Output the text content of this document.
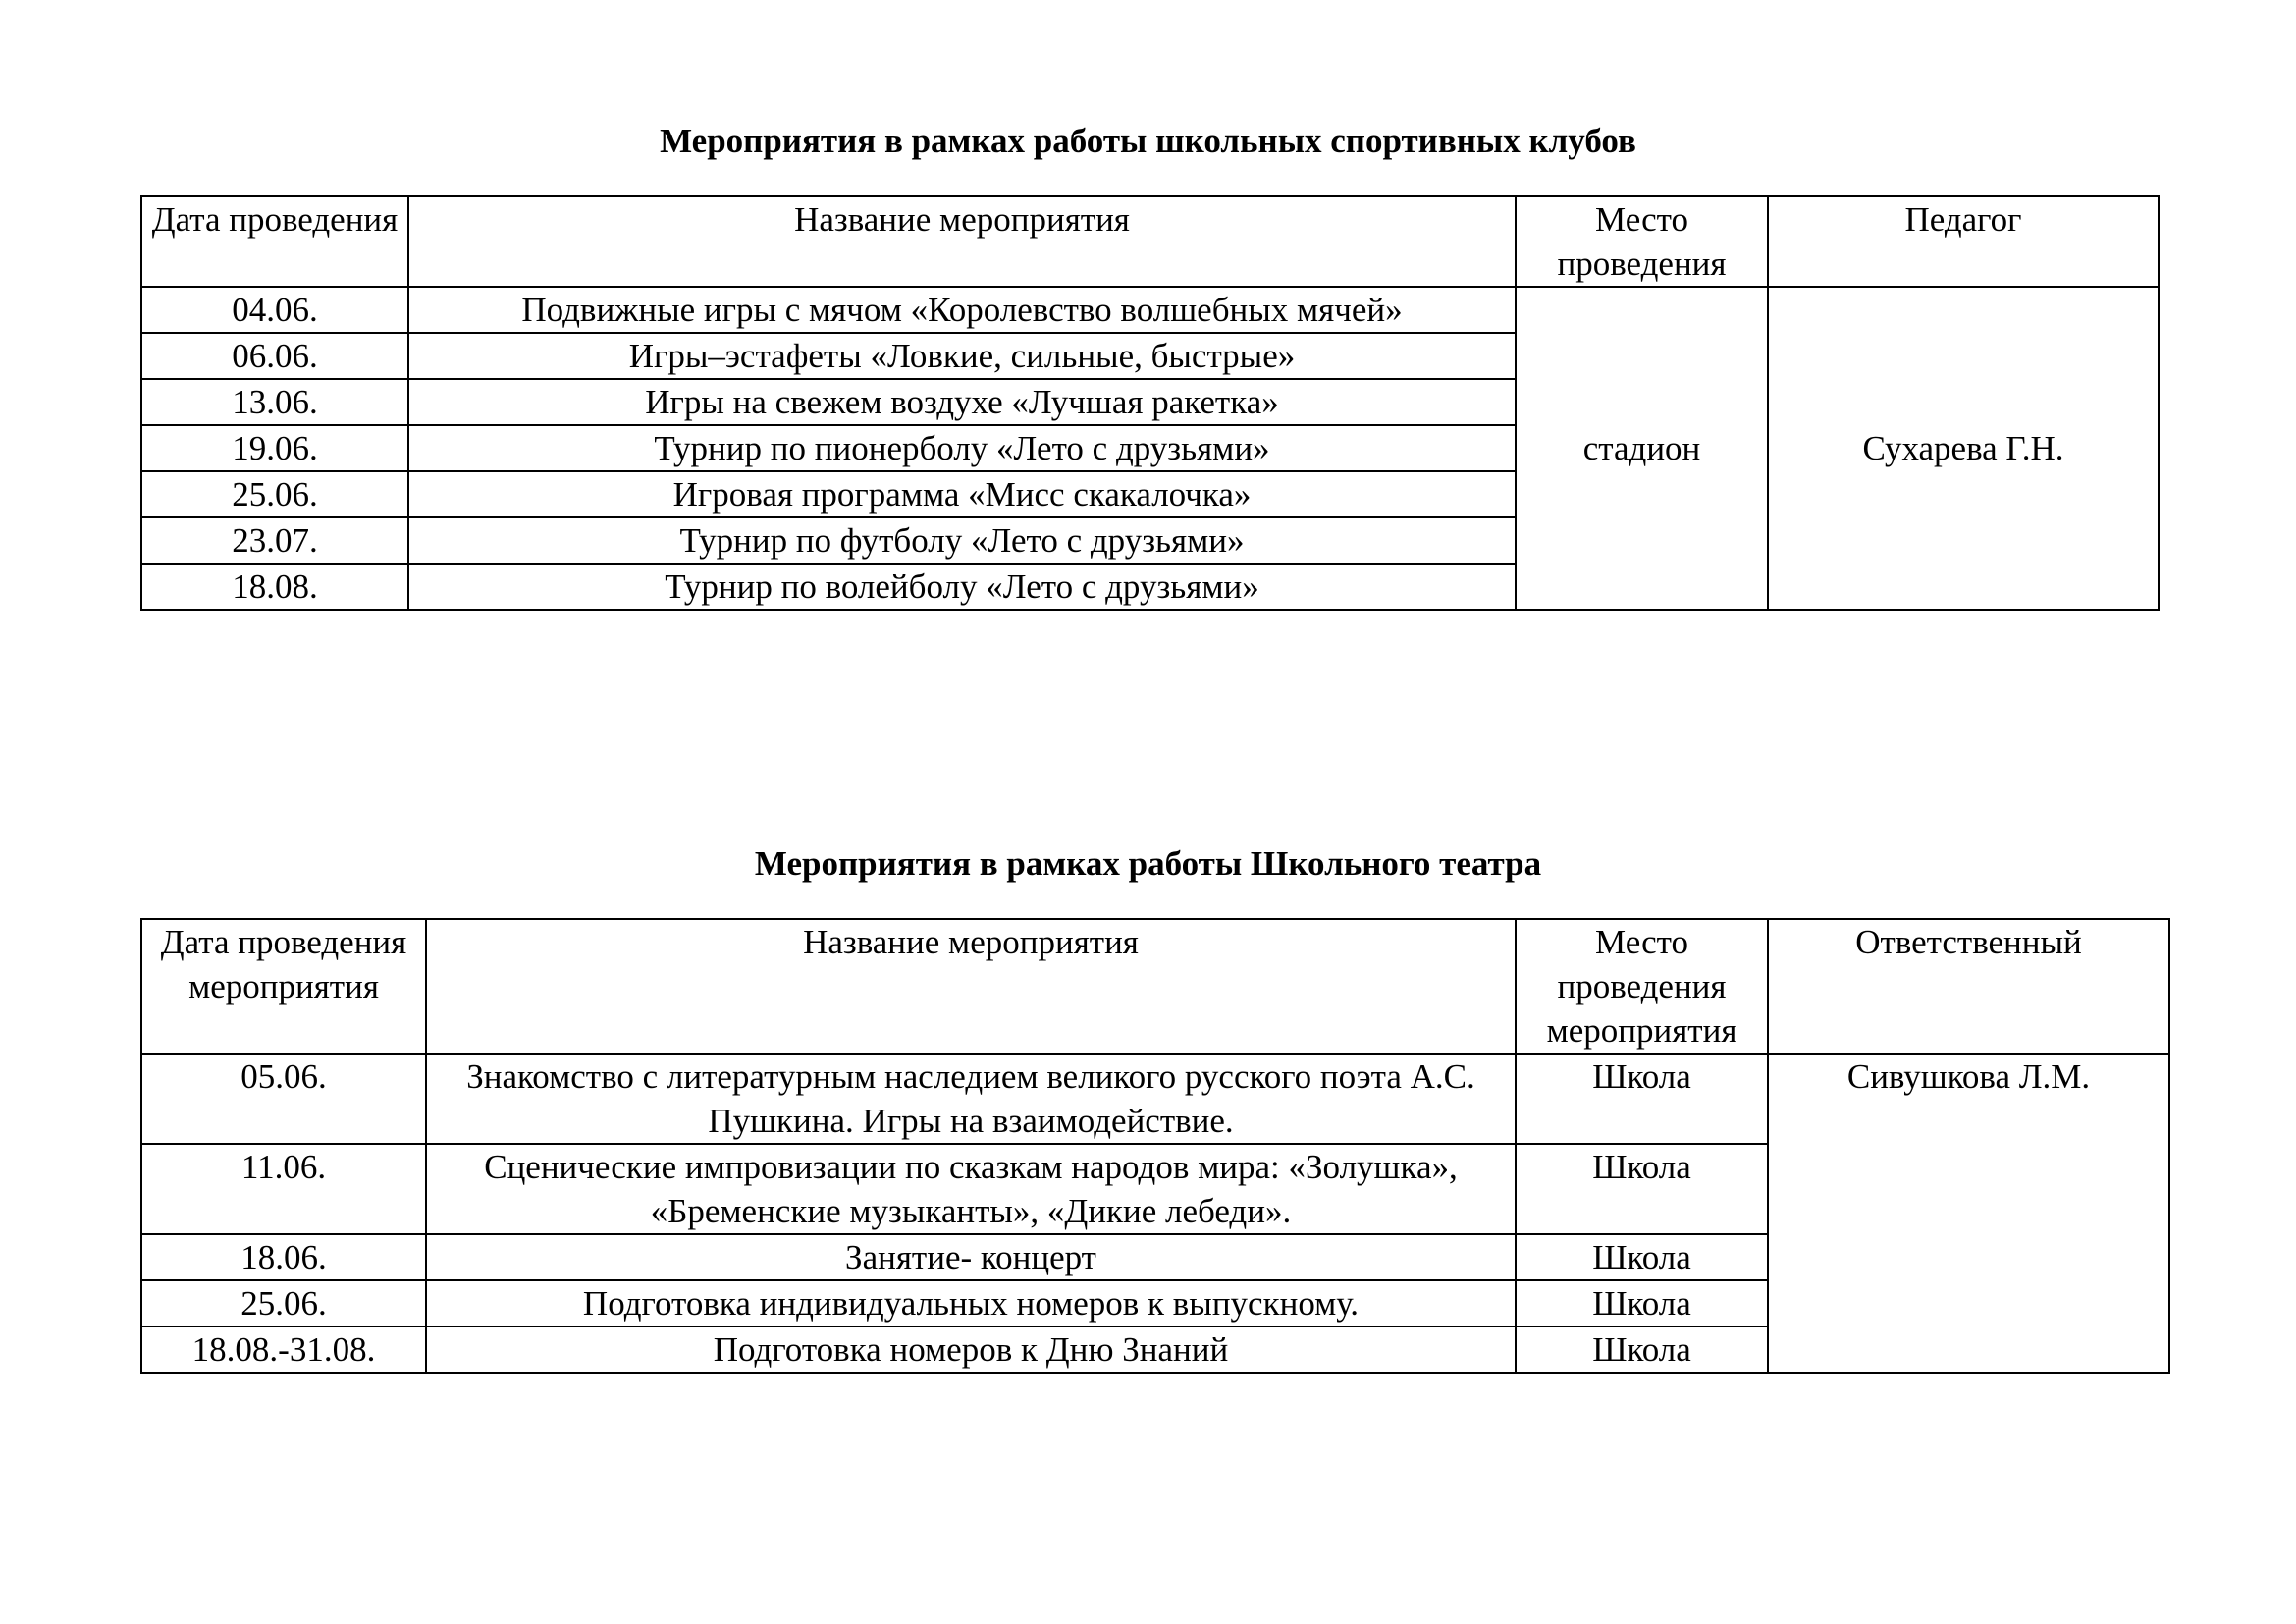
Мероприятия в рамках работы школьных спортивных клубов
Дата проведения	Название мероприятия	Место проведения	Педагог
04.06.	Подвижные игры с мячом «Королевство волшебных мячей»	стадион	Сухарева Г.Н.
06.06.	Игры–эстафеты «Ловкие, сильные, быстрые»		
13.06.	Игры на свежем воздухе «Лучшая ракетка»		
19.06.	Турнир по пионерболу «Лето с друзьями»		
25.06.	Игровая программа «Мисс скакалочка»		
23.07.	Турнир по футболу «Лето с друзьями»		
18.08.	Турнир по волейболу «Лето с друзьями»		
Мероприятия в рамках работы Школьного театра
Дата проведения мероприятия	Название мероприятия	Место проведения мероприятия	Ответственный
05.06.	Знакомство с литературным наследием великого русского поэта А.С. Пушкина. Игры на взаимодействие.	Школа	Сивушкова Л.М.
11.06.	Сценические импровизации по сказкам народов мира: «Золушка», «Бременские музыканты», «Дикие лебеди».	Школа	
18.06.	Занятие- концерт	Школа	
25.06.	Подготовка индивидуальных номеров к выпускному.	Школа	
18.08.-31.08.	Подготовка номеров к Дню Знаний	Школа	
